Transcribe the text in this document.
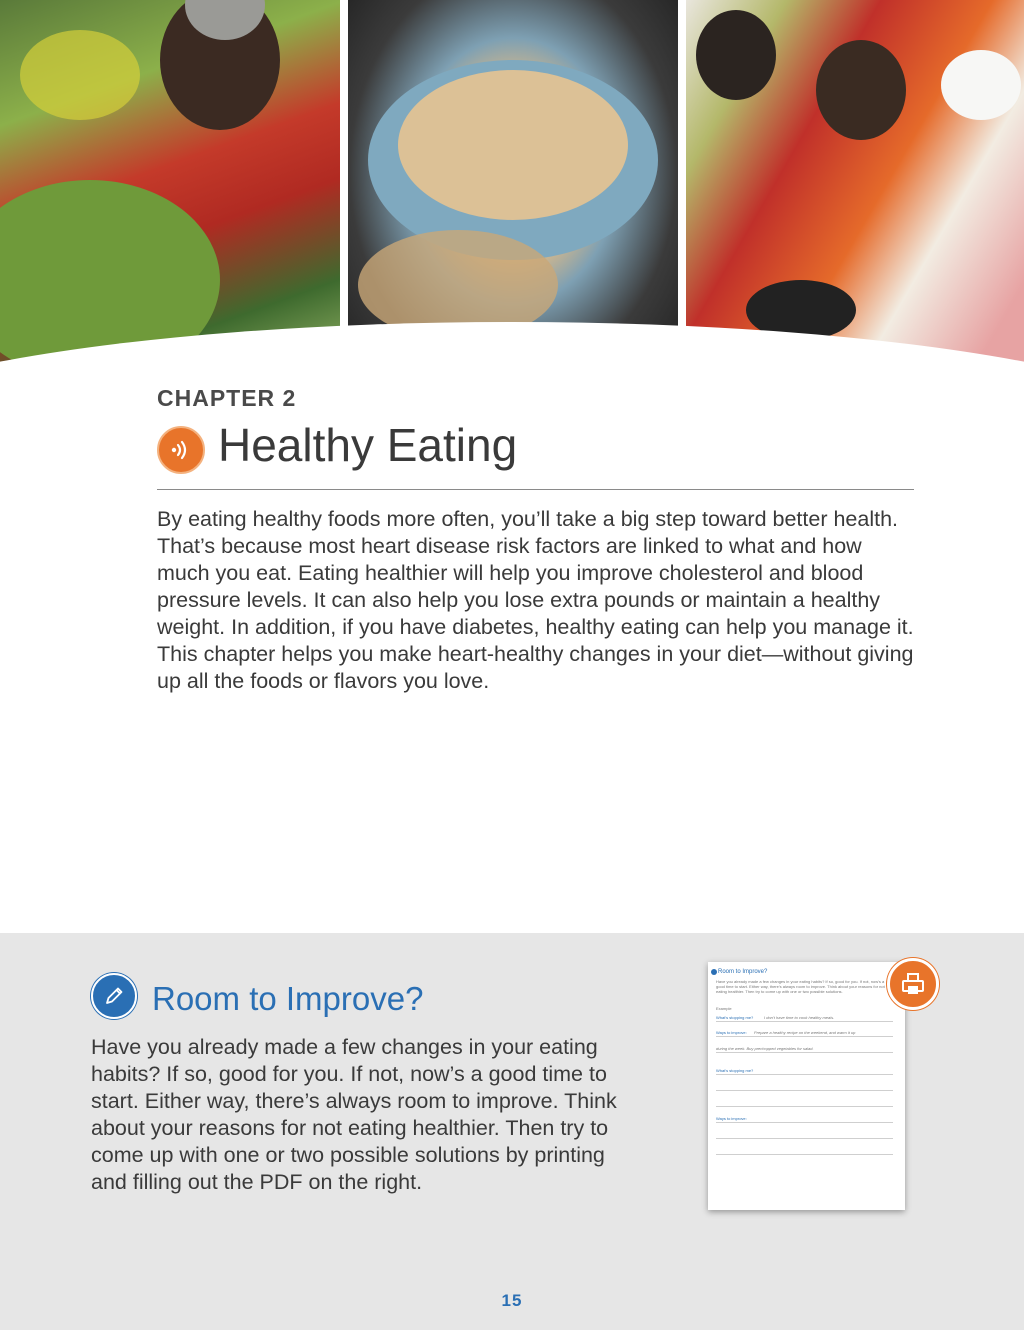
CHAPTER 2
Healthy Eating

By eating healthy foods more often, you’ll take a big step toward better health. That’s because most heart disease risk factors are linked to what and how much you eat. Eating healthier will help you improve cholesterol and blood pressure levels. It can also help you lose extra pounds or maintain a healthy weight. In addition, if you have diabetes, healthy eating can help you manage it. This chapter helps you make heart-healthy changes in your diet—without giving up all the foods or flavors you love.

Room to Improve?

Have you already made a few changes in your eating habits? If so, good for you. If not, now’s a good time to start. Either way, there’s always room to improve. Think about your reasons for not eating healthier. Then try to come up with one or two possible solutions by printing and filling out the PDF on the right.

Room to Improve?
Have you already made a few changes in your eating habits? If so, good for you. If not, now’s a good time to start. Either way, there’s always room to improve. Think about your reasons for not eating healthier. Then try to come up with one or two possible solutions.
Example
What’s stopping me?	I don’t have time to cook healthy meals.
Ways to improve: Prepare a healthy recipe on the weekend, and warm it up
during the week. Buy prechopped vegetables for salad.
What’s stopping me?
Ways to improve:
15
